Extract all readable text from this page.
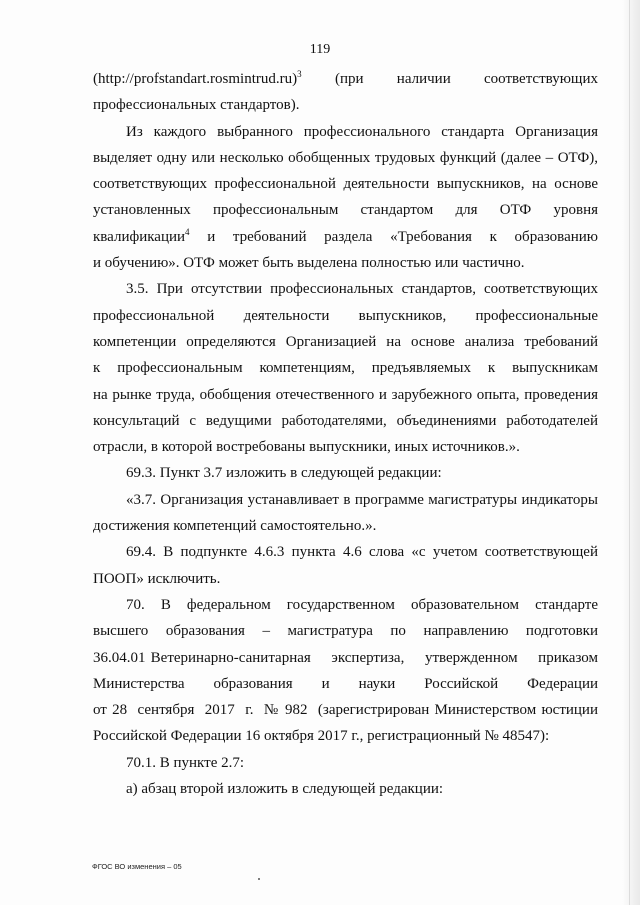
119
(http://profstandart.rosmintrud.ru)$^3$     (при     наличии     соответствующих
профессиональных стандартов).
Из каждого выбранного профессионального стандарта Организация
выделяет одну или несколько обобщенных трудовых функций (далее – ОТФ),
соответствующих профессиональной деятельности выпускников, на основе
установленных    профессиональным    стандартом    для    ОТФ    уровня
квалификации$^4$  и  требований  раздела  «Требования  к  образованию
и обучению». ОТФ может быть выделена полностью или частично.
3.5. При отсутствии профессиональных стандартов, соответствующих
профессиональной      деятельности      выпускников,      профессиональные
компетенции определяются Организацией на основе анализа требований
к  профессиональным  компетенциям,  предъявляемых  к  выпускникам
на рынке труда, обобщения отечественного и зарубежного опыта, проведения
консультаций с ведущими работодателями, объединениями работодателей
отрасли, в которой востребованы выпускники, иных источников.».
69.3. Пункт 3.7 изложить в следующей редакции:
«3.7. Организация устанавливает в программе магистратуры индикаторы
достижения компетенций самостоятельно.».
69.4. В подпункте 4.6.3 пункта 4.6 слова «с учетом соответствующей
ПООП» исключить.
70.   В   федеральном   государственном   образовательном   стандарте
высшего    образования    –    магистратура    по    направлению    подготовки
36.04.01 Ветеринарно-санитарная    экспертиза,    утвержденном    приказом
Министерства      образования      и      науки      Российской      Федерации
от 28  сентября  2017  г.  № 982  (зарегистрирован Министерством юстиции
Российской Федерации 16 октября 2017 г., регистрационный № 48547):
70.1. В пункте 2.7:
а) абзац второй изложить в следующей редакции:
ФГОС ВО изменения – 05
